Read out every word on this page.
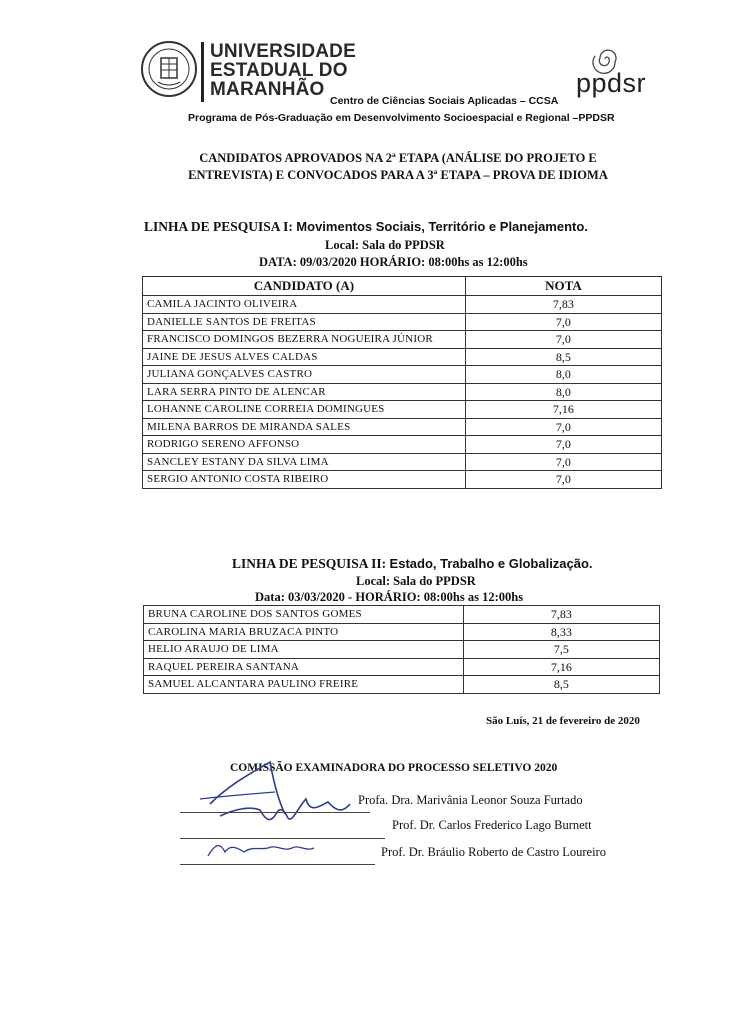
UNIVERSIDADE
ESTADUAL DO
MARANHÃO	ppdsr
Centro de Ciências Sociais Aplicadas – CCSA
Programa de Pós-Graduação em Desenvolvimento Socioespacial e Regional –PPDSR
CANDIDATOS APROVADOS NA 2ª ETAPA (ANÁLISE DO PROJETO E
ENTREVISTA) E CONVOCADOS PARA A 3ª ETAPA – PROVA DE IDIOMA
LINHA DE PESQUISA I: Movimentos Sociais, Território e Planejamento.
Local: Sala do PPDSR
DATA: 09/03/2020 HORÁRIO: 08:00hs as 12:00hs
CANDIDATO (A)	NOTA
CAMILA JACINTO OLIVEIRA	7,83
DANIELLE SANTOS DE FREITAS	7,0
FRANCISCO DOMINGOS BEZERRA NOGUEIRA JÚNIOR	7,0
JAINE DE JESUS ALVES CALDAS	8,5
JULIANA GONÇALVES CASTRO	8,0
LARA SERRA PINTO DE ALENCAR	8,0
LOHANNE CAROLINE CORREIA DOMINGUES	7,16
MILENA BARROS DE MIRANDA SALES	7,0
RODRIGO SERENO AFFONSO	7,0
SANCLEY ESTANY DA SILVA LIMA	7,0
SERGIO ANTONIO COSTA RIBEIRO	7,0
LINHA DE PESQUISA II: Estado, Trabalho e Globalização.
Local: Sala do PPDSR
Data: 03/03/2020 - HORÁRIO: 08:00hs as 12:00hs
BRUNA CAROLINE DOS SANTOS GOMES	7,83
CAROLINA MARIA BRUZACA PINTO	8,33
HELIO ARAUJO DE LIMA	7,5
RAQUEL PEREIRA SANTANA	7,16
SAMUEL ALCANTARA PAULINO FREIRE	8,5
São Luís, 21 de fevereiro de 2020
COMISSÃO EXAMINADORA DO PROCESSO SELETIVO 2020
Profa. Dra. Marivânia Leonor Souza Furtado
Prof. Dr. Carlos Frederico Lago Burnett
Prof. Dr. Bráulio Roberto de Castro Loureiro
